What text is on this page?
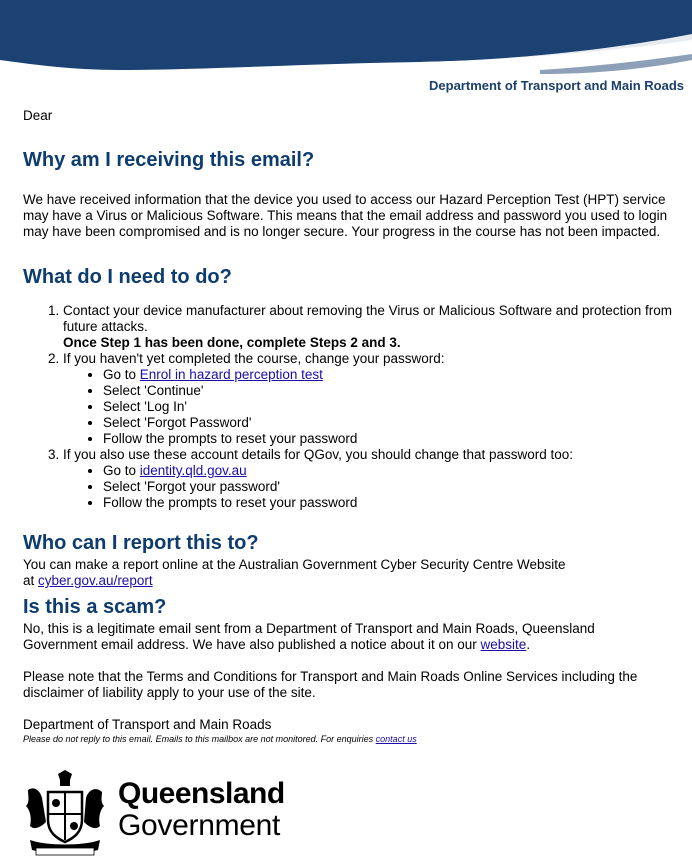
Department of Transport and Main Roads

Dear

Why am I receiving this email?

We have received information that the device you used to access our Hazard Perception Test (HPT) service may have a Virus or Malicious Software. This means that the email address and password you used to login may have been compromised and is no longer secure. Your progress in the course has not been impacted.

What do I need to do?
1. Contact your device manufacturer about removing the Virus or Malicious Software and protection from future attacks.
Once Step 1 has been done, complete Steps 2 and 3.
2. If you haven't yet completed the course, change your password:
• Go to Enrol in hazard perception test
• Select 'Continue'
• Select 'Log In'
• Select 'Forgot Password'
• Follow the prompts to reset your password
3. If you also use these account details for QGov, you should change that password too:
• Go to identity.qld.gov.au
• Select 'Forgot your password'
• Follow the prompts to reset your password
Who can I report this to?

You can make a report online at the Australian Government Cyber Security Centre Website
at cyber.gov.au/report

Is this a scam?

No, this is a legitimate email sent from a Department of Transport and Main Roads, Queensland Government email address. We have also published a notice about it on our website.

Please note that the Terms and Conditions for Transport and Main Roads Online Services including the disclaimer of liability apply to your use of the site.

Department of Transport and Main Roads

Please do not reply to this email. Emails to this mailbox are not monitored. For enquiries contact us

Queensland
Government
